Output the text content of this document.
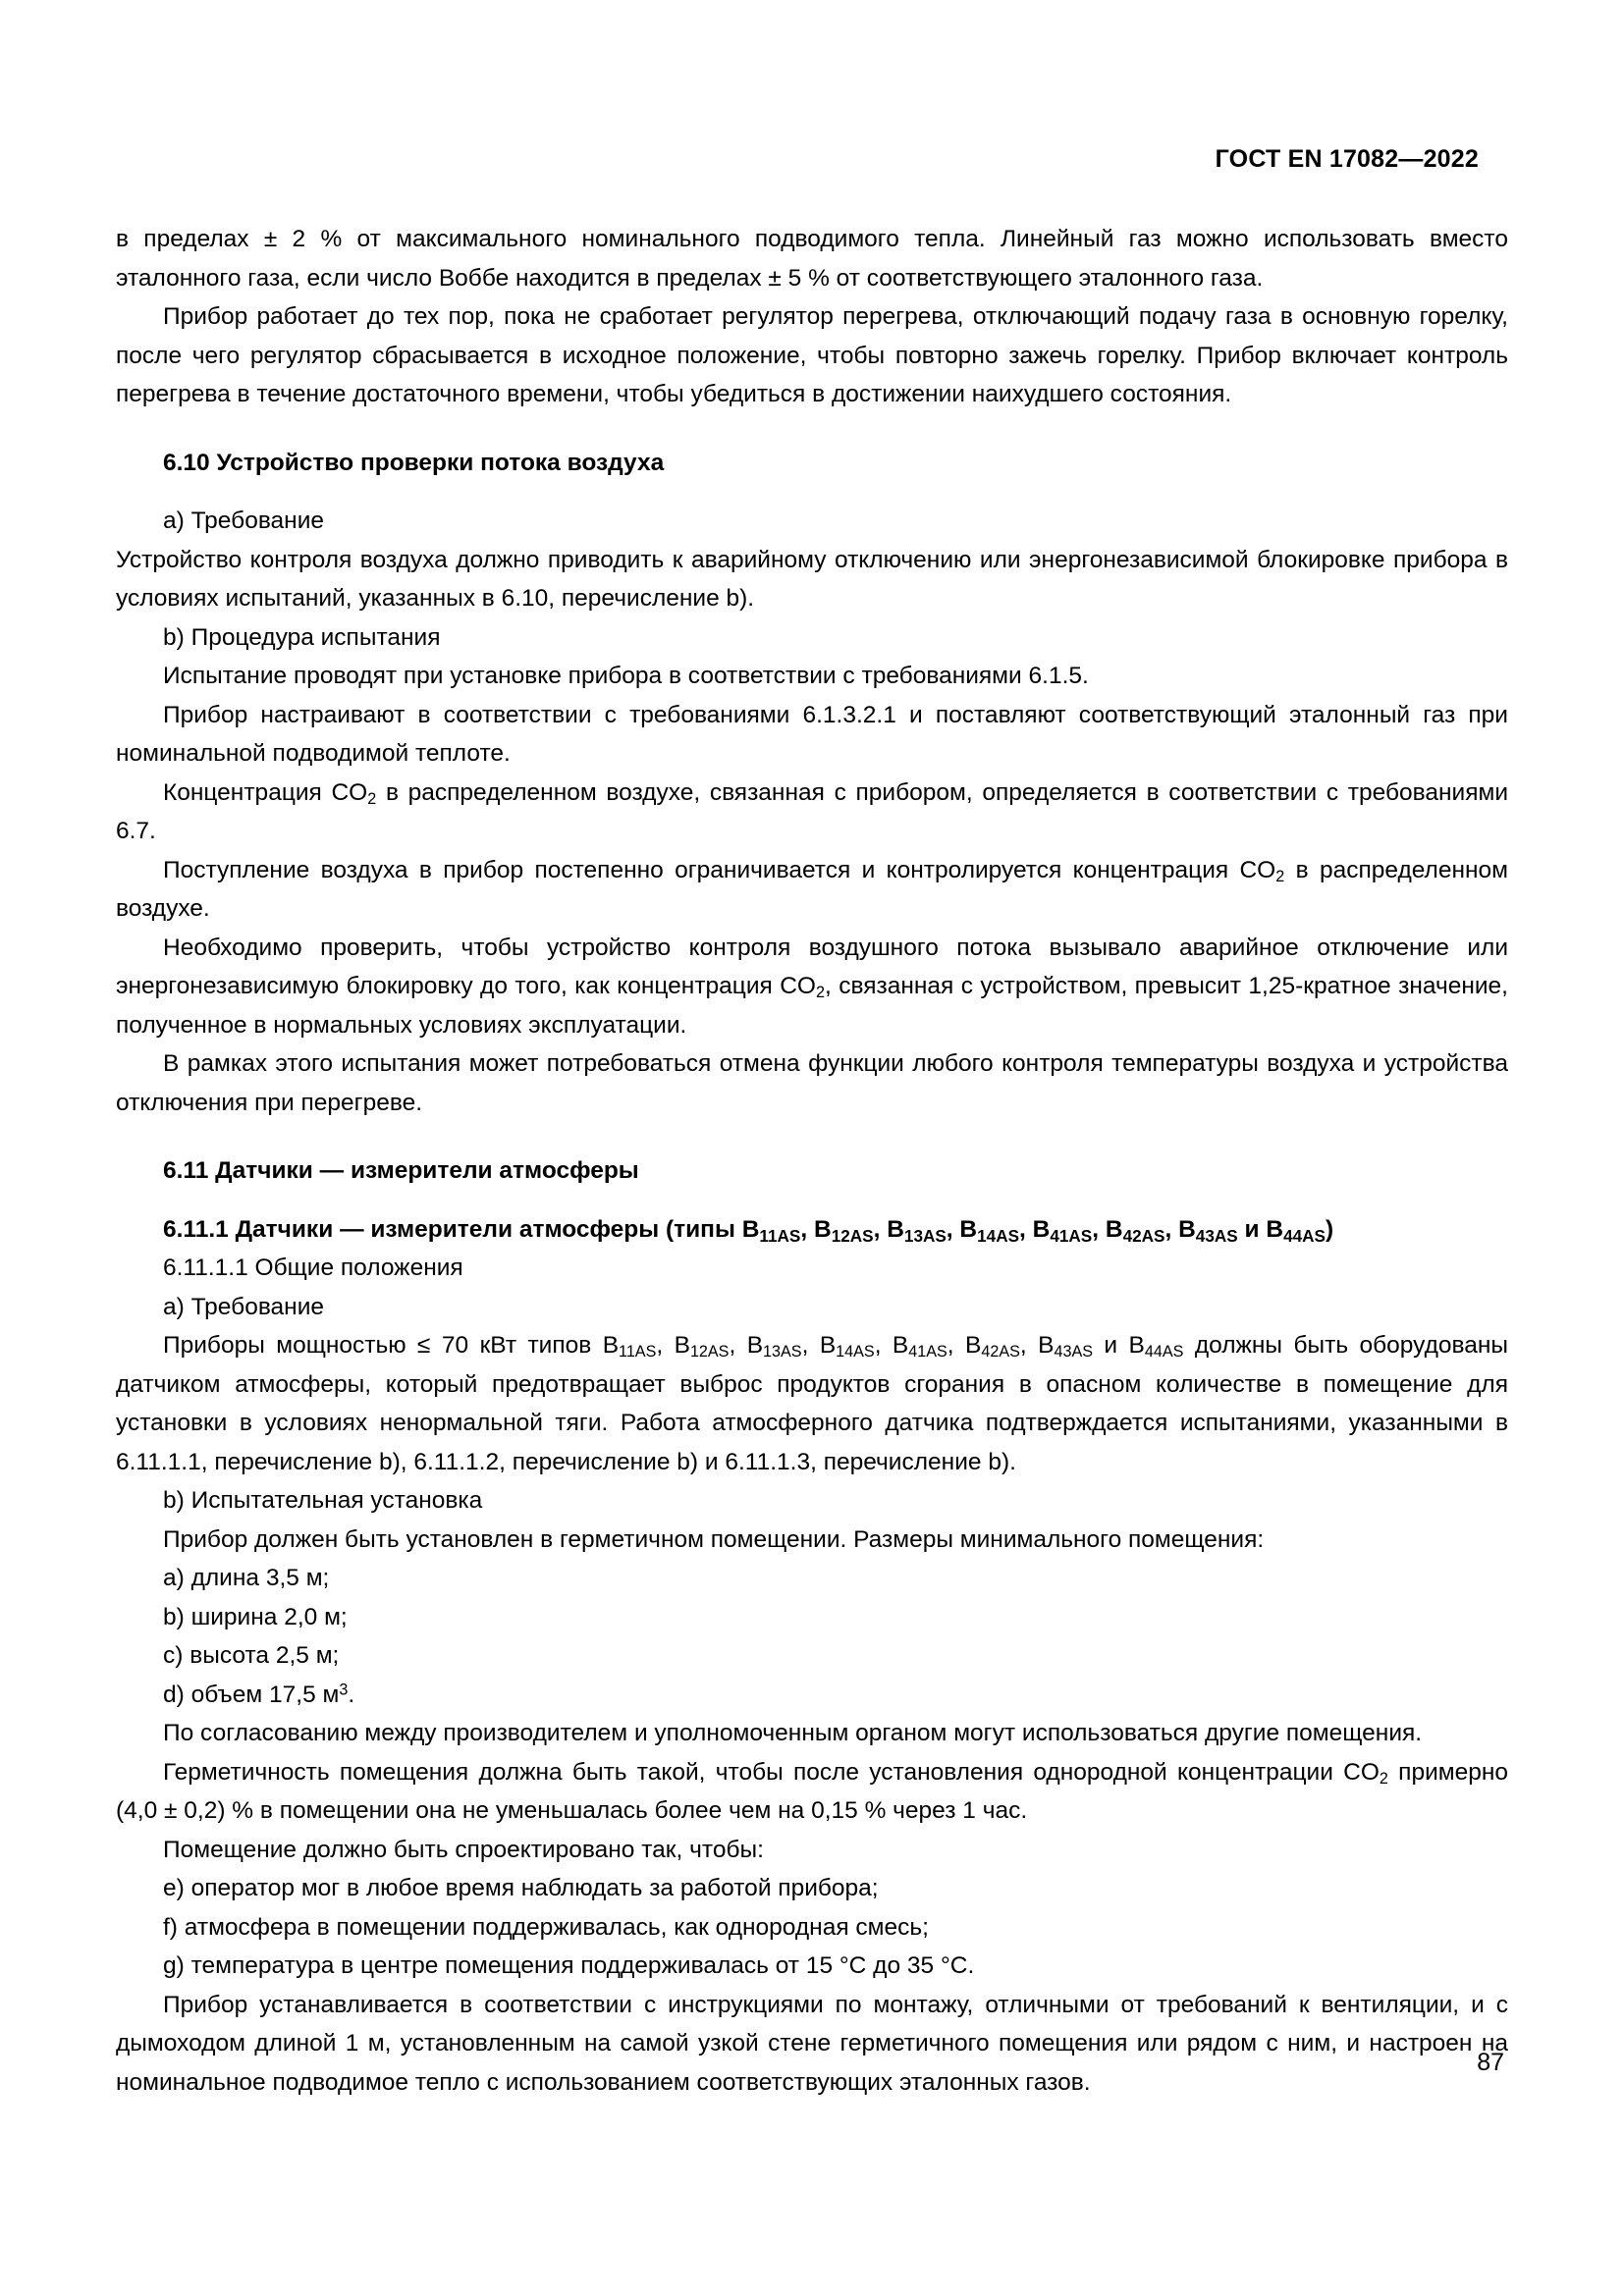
ГОСТ EN 17082—2022

в пределах ± 2 % от максимального номинального подводимого тепла. Линейный газ можно использовать вместо эталонного газа, если число Воббе находится в пределах ± 5 % от соответствующего эталонного газа.

Прибор работает до тех пор, пока не сработает регулятор перегрева, отключающий подачу газа в основную горелку, после чего регулятор сбрасывается в исходное положение, чтобы повторно зажечь горелку. Прибор включает контроль перегрева в течение достаточного времени, чтобы убедиться в достижении наихудшего состояния.

6.10 Устройство проверки потока воздуха

a) Требование

Устройство контроля воздуха должно приводить к аварийному отключению или энергонезависимой блокировке прибора в условиях испытаний, указанных в 6.10, перечисление b).

b) Процедура испытания

Испытание проводят при установке прибора в соответствии с требованиями 6.1.5.

Прибор настраивают в соответствии с требованиями 6.1.3.2.1 и поставляют соответствующий эталонный газ при номинальной подводимой теплоте.

Концентрация $CO_2$ в распределенном воздухе, связанная с прибором, определяется в соответствии с требованиями 6.7.

Поступление воздуха в прибор постепенно ограничивается и контролируется концентрация $CO_2$ в распределенном воздухе.

Необходимо проверить, чтобы устройство контроля воздушного потока вызывало аварийное отключение или энергонезависимую блокировку до того, как концентрация $CO_2$, связанная с устройством, превысит 1,25-кратное значение, полученное в нормальных условиях эксплуатации.

В рамках этого испытания может потребоваться отмена функции любого контроля температуры воздуха и устройства отключения при перегреве.

6.11 Датчики — измерители атмосферы
6.11.1 Датчики — измерители атмосферы (типы B11AS, B12AS, B13AS, B14AS, B41AS, B42AS, B43AS и B44AS)

6.11.1.1 Общие положения

a) Требование

Приборы мощностью ≤ 70 кВт типов $B_{11AS}$, $B_{12AS}$, $B_{13AS}$, $B_{14AS}$, $B_{41AS}$, $B_{42AS}$, $B_{43AS}$ и $B_{44AS}$ должны быть оборудованы датчиком атмосферы, который предотвращает выброс продуктов сгорания в опасном количестве в помещение для установки в условиях ненормальной тяги. Работа атмосферного датчика подтверждается испытаниями, указанными в 6.11.1.1, перечисление b), 6.11.1.2, перечисление b) и 6.11.1.3, перечисление b).

b) Испытательная установка

Прибор должен быть установлен в герметичном помещении. Размеры минимального помещения:

a) длина 3,5 м;

b) ширина 2,0 м;

c) высота 2,5 м;

d) объем 17,5 $м^3$.

По согласованию между производителем и уполномоченным органом могут использоваться другие помещения.

Герметичность помещения должна быть такой, чтобы после установления однородной концентрации $CO_2$ примерно (4,0 ± 0,2) % в помещении она не уменьшалась более чем на 0,15 % через 1 час.

Помещение должно быть спроектировано так, чтобы:

e) оператор мог в любое время наблюдать за работой прибора;

f) атмосфера в помещении поддерживалась, как однородная смесь;

g) температура в центре помещения поддерживалась от 15 °C до 35 °C.

Прибор устанавливается в соответствии с инструкциями по монтажу, отличными от требований к вентиляции, и с дымоходом длиной 1 м, установленным на самой узкой стене герметичного помещения или рядом с ним, и настроен на номинальное подводимое тепло с использованием соответствующих эталонных газов.

87
